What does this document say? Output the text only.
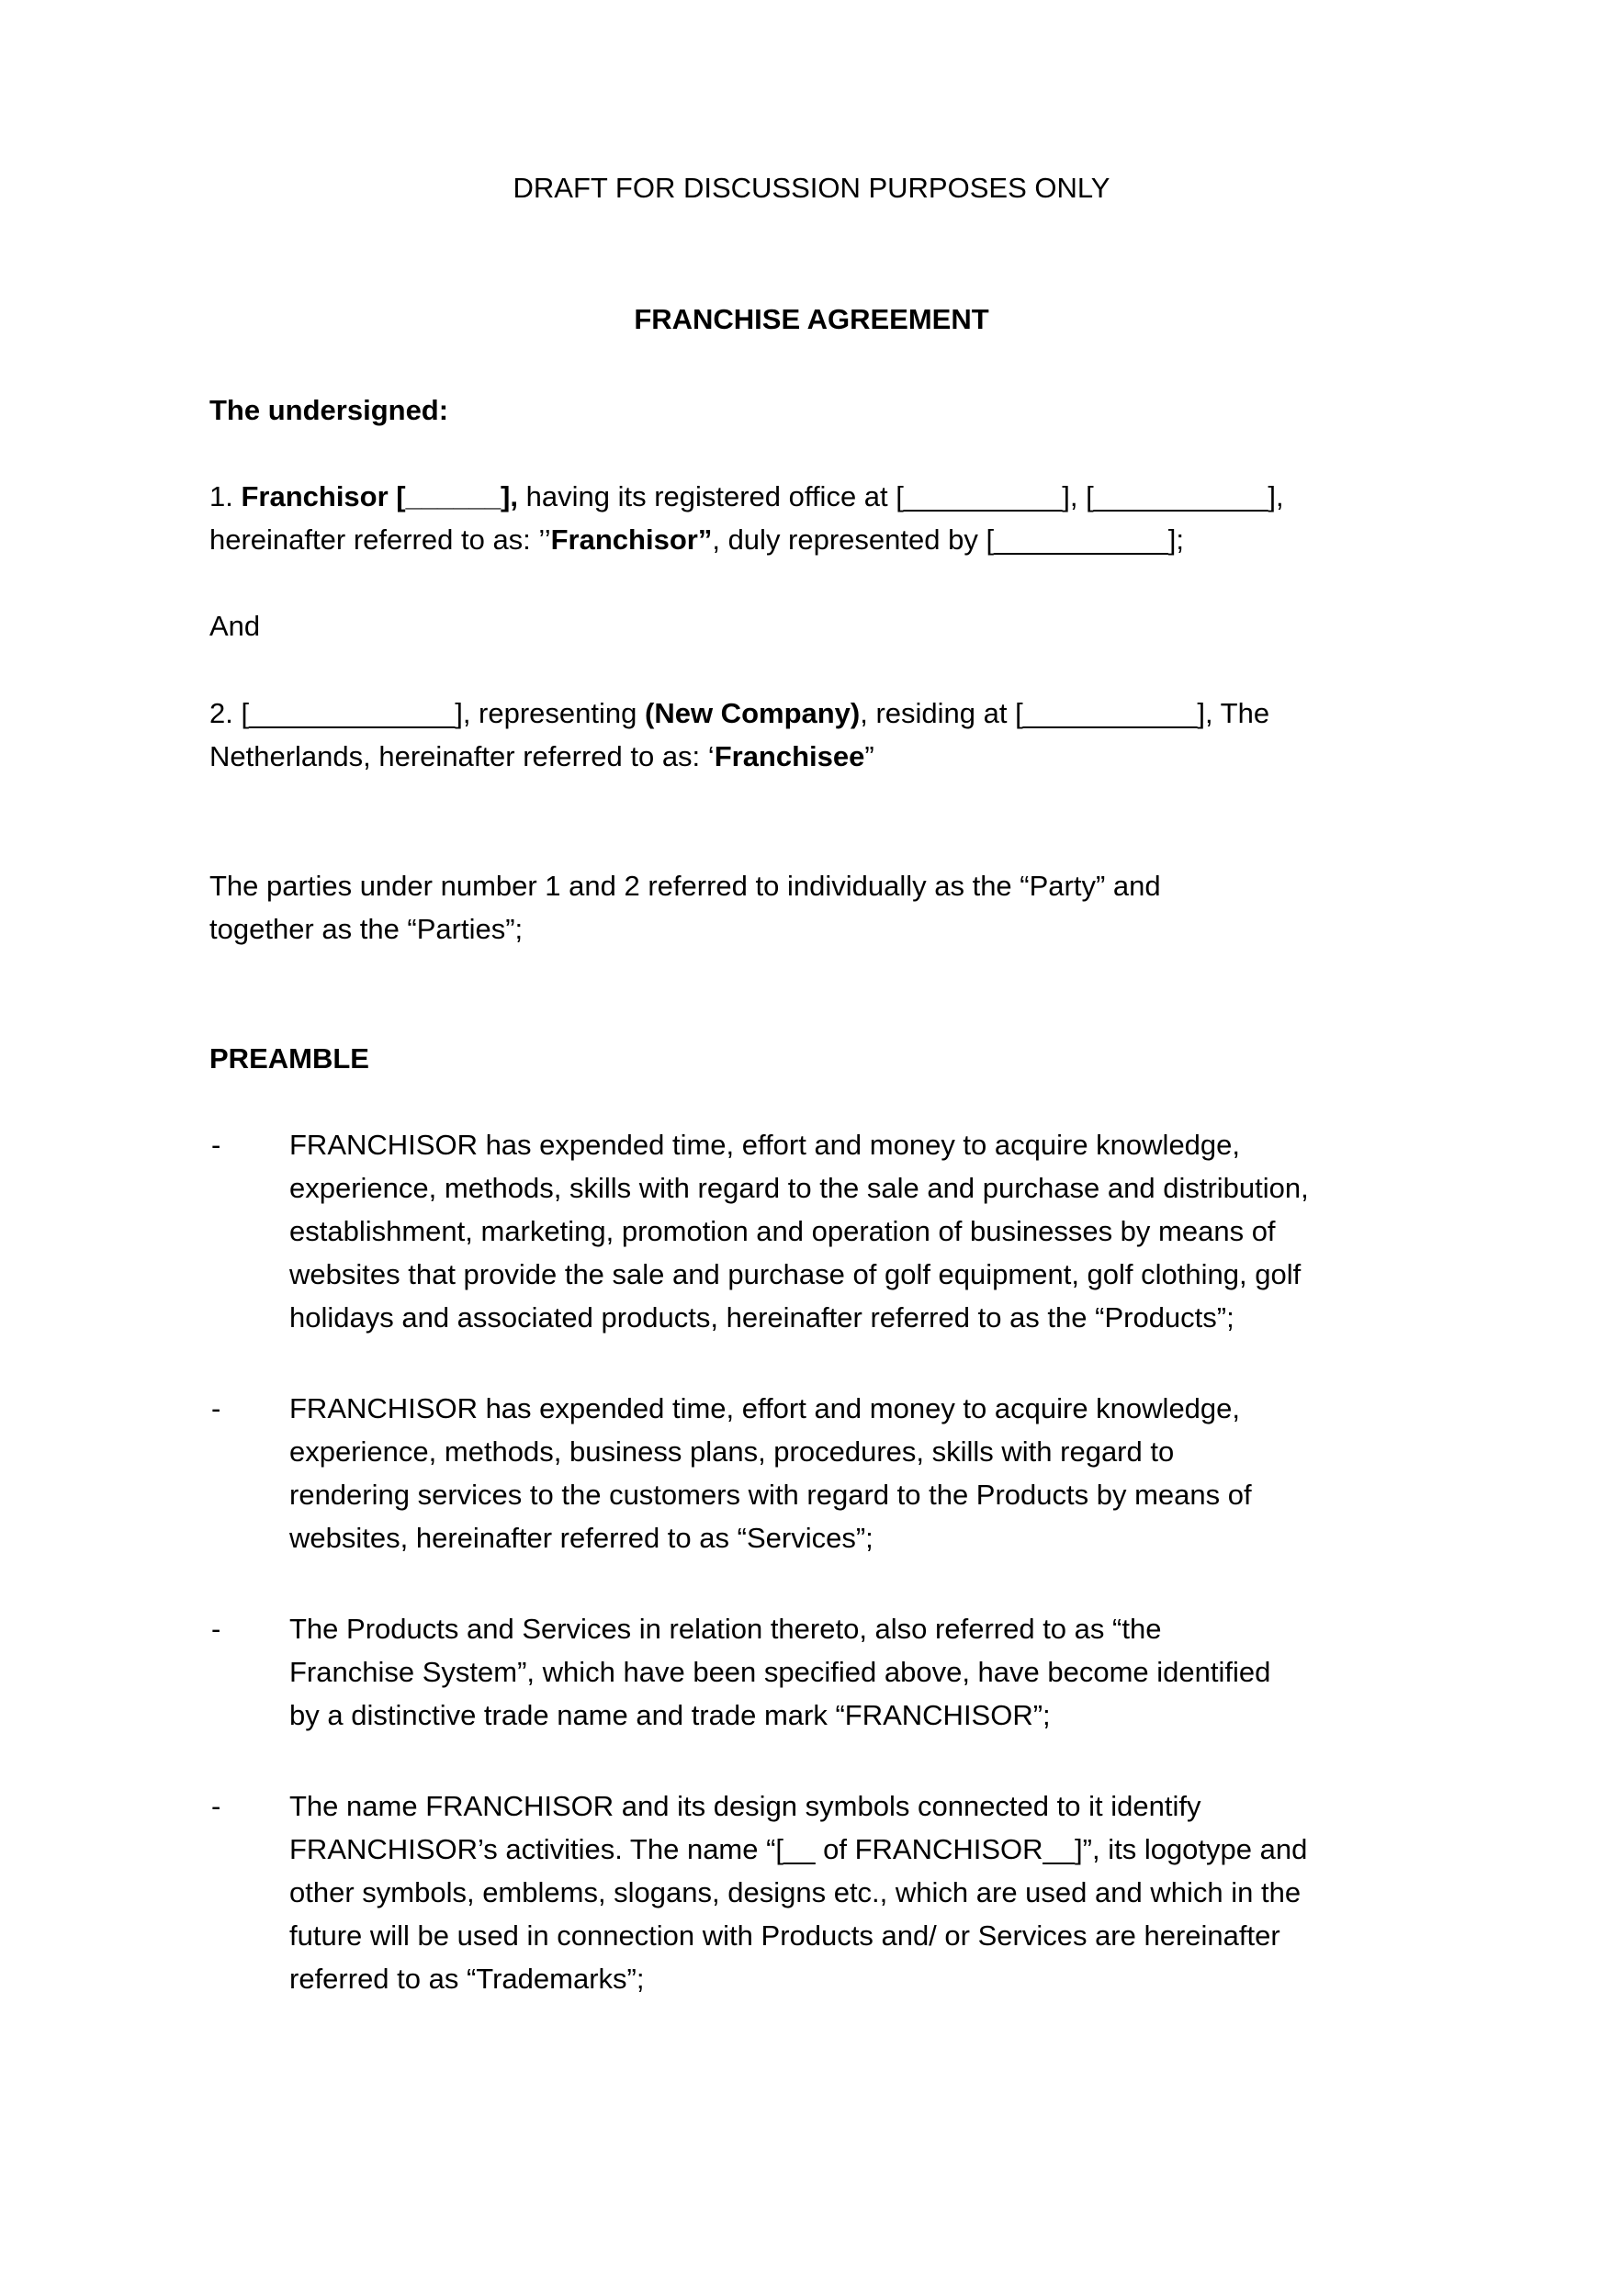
DRAFT FOR DISCUSSION PURPOSES ONLY
FRANCHISE AGREEMENT
The undersigned:
1. Franchisor [______], having its registered office at [__________], [___________],
hereinafter referred to as: ’’Franchisor”, duly represented by [___________];
And
2. [_____________], representing (New Company), residing at [___________], The
Netherlands, hereinafter referred to as: ‘Franchisee”
The parties under number 1 and 2 referred to individually as the “Party” and
together as the “Parties”;
PREAMBLE
- FRANCHISOR has expended time, effort and money to acquire knowledge,
experience, methods, skills with regard to the sale and purchase and distribution,
establishment, marketing, promotion and operation of businesses by means of
websites that provide the sale and purchase of golf equipment, golf clothing, golf
holidays and associated products, hereinafter referred to as the “Products”;
- FRANCHISOR has expended time, effort and money to acquire knowledge,
experience, methods, business plans, procedures, skills with regard to
rendering services to the customers with regard to the Products by means of
websites, hereinafter referred to as “Services”;
- The Products and Services in relation thereto, also referred to as “the
Franchise System”, which have been specified above, have become identified
by a distinctive trade name and trade mark “FRANCHISOR”;
- The name FRANCHISOR and its design symbols connected to it identify
FRANCHISOR’s activities. The name “[__ of FRANCHISOR__]”, its logotype and
other symbols, emblems, slogans, designs etc., which are used and which in the
future will be used in connection with Products and/ or Services are hereinafter
referred to as “Trademarks”;
